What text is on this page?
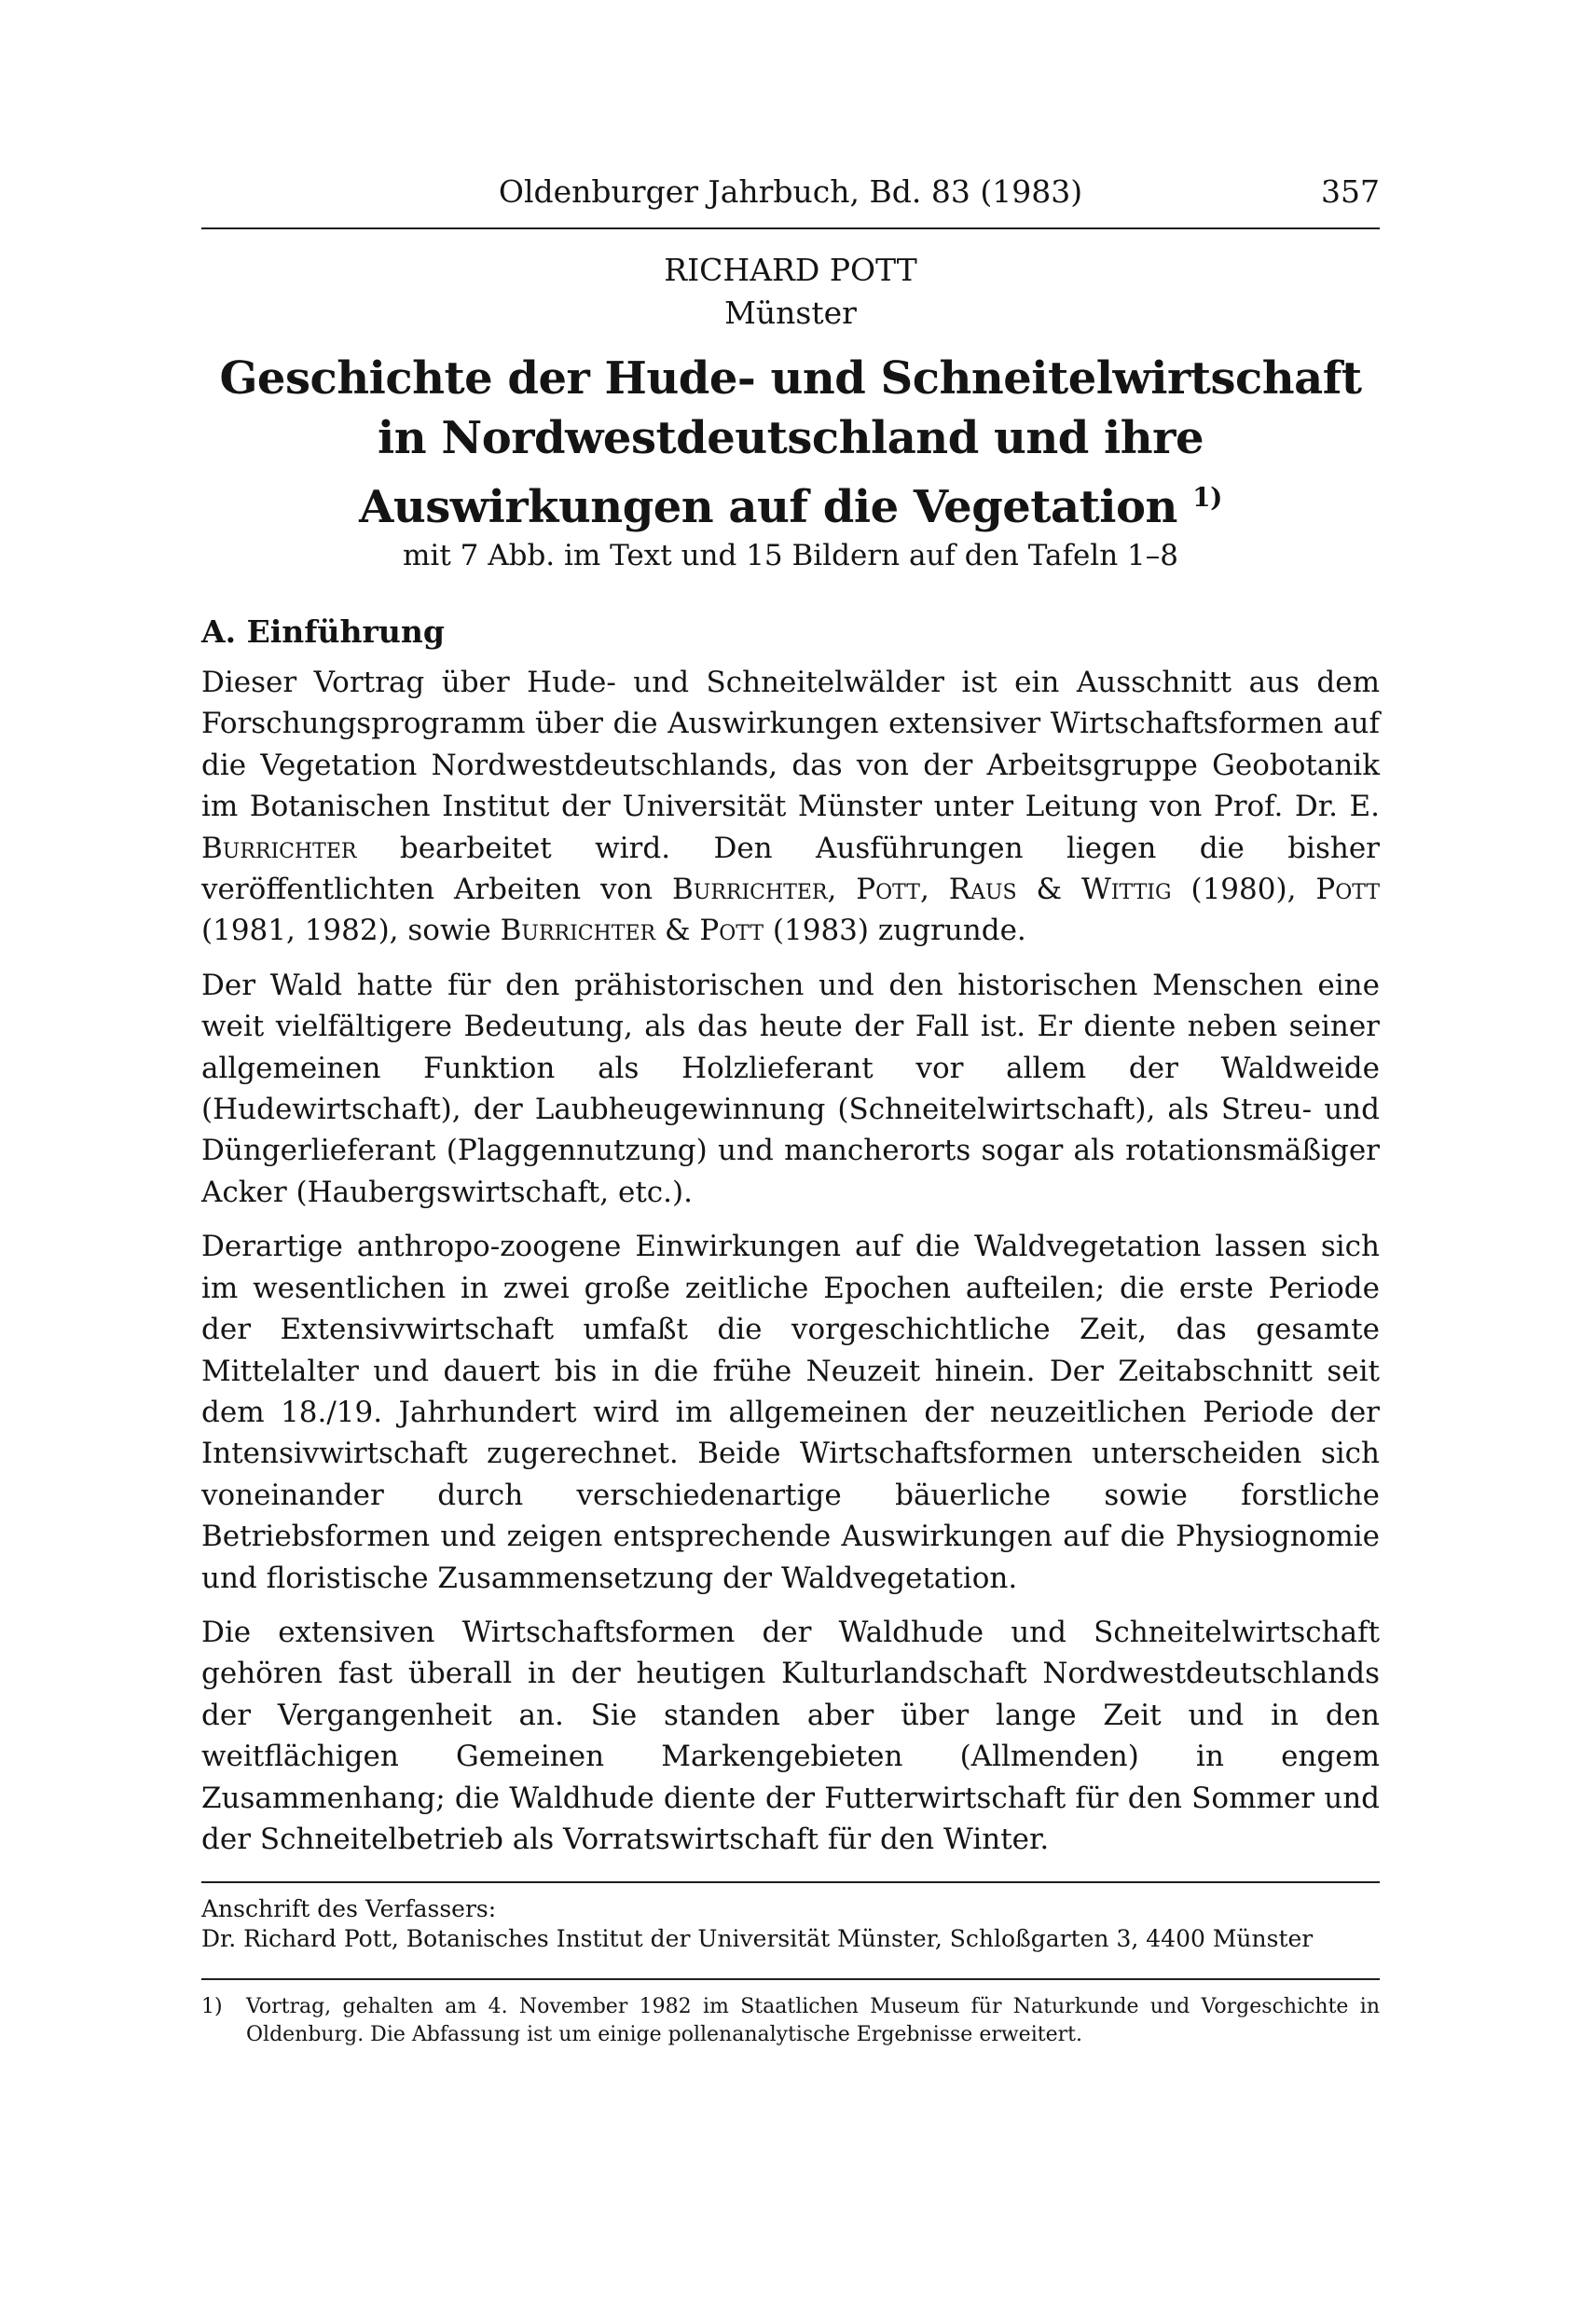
Oldenburger Jahrbuch, Bd. 83 (1983)	357
RICHARD POTT
Münster
Geschichte der Hude- und Schneitelwirtschaft
in Nordwestdeutschland und ihre
Auswirkungen auf die Vegetation $^{1)}$
mit 7 Abb. im Text und 15 Bildern auf den Tafeln 1–8
A. Einführung

Dieser Vortrag über Hude- und Schneitelwälder ist ein Ausschnitt aus dem Forschungsprogramm über die Auswirkungen extensiver Wirtschaftsformen auf die Vegetation Nordwestdeutschlands, das von der Arbeitsgruppe Geobotanik im Botanischen Institut der Universität Münster unter Leitung von Prof. Dr. E. Burrichter bearbeitet wird. Den Ausführungen liegen die bisher veröffentlichten Arbeiten von Burrichter, Pott, Raus & Wittig (1980), Pott (1981, 1982), sowie Burrichter & Pott (1983) zugrunde.

Der Wald hatte für den prähistorischen und den historischen Menschen eine weit vielfältigere Bedeutung, als das heute der Fall ist. Er diente neben seiner allgemeinen Funktion als Holzlieferant vor allem der Waldweide (Hudewirtschaft), der Laubheugewinnung (Schneitelwirtschaft), als Streu- und Düngerlieferant (Plaggennutzung) und mancherorts sogar als rotationsmäßiger Acker (Haubergswirtschaft, etc.).

Derartige anthropo-zoogene Einwirkungen auf die Waldvegetation lassen sich im wesentlichen in zwei große zeitliche Epochen aufteilen; die erste Periode der Extensivwirtschaft umfaßt die vorgeschichtliche Zeit, das gesamte Mittelalter und dauert bis in die frühe Neuzeit hinein. Der Zeitabschnitt seit dem 18./19. Jahrhundert wird im allgemeinen der neuzeitlichen Periode der Intensivwirtschaft zugerechnet. Beide Wirtschaftsformen unterscheiden sich voneinander durch verschiedenartige bäuerliche sowie forstliche Betriebsformen und zeigen entsprechende Auswirkungen auf die Physiognomie und floristische Zusammensetzung der Waldvegetation.

Die extensiven Wirtschaftsformen der Waldhude und Schneitelwirtschaft gehören fast überall in der heutigen Kulturlandschaft Nordwestdeutschlands der Vergangenheit an. Sie standen aber über lange Zeit und in den weitflächigen Gemeinen Markengebieten (Allmenden) in engem Zusammenhang; die Waldhude diente der Futterwirtschaft für den Sommer und der Schneitelbetrieb als Vorratswirtschaft für den Winter.

Anschrift des Verfassers:
Dr. Richard Pott, Botanisches Institut der Universität Münster, Schloßgarten 3, 4400 Münster
1) Vortrag, gehalten am 4. November 1982 im Staatlichen Museum für Naturkunde und Vorgeschichte in Oldenburg. Die Abfassung ist um einige pollenanalytische Ergebnisse erweitert.
